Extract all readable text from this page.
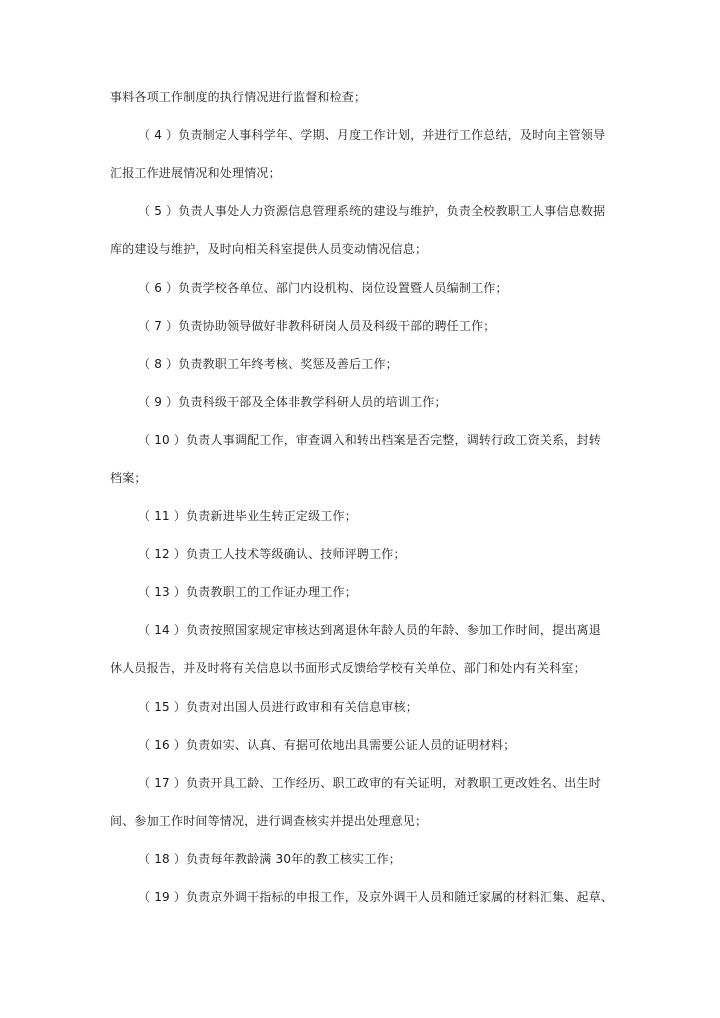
事料各项工作制度的执行情况进行监督和检查；
（ 4 ）负责制定人事科学年、学期、月度工作计划，并进行工作总结，及时向主管领导
汇报工作进展情况和处理情况；
（ 5 ）负责人事处人力资源信息管理系统的建设与维护，负责全校教职工人事信息数据
库的建设与维护，及时向相关科室提供人员变动情况信息；
（ 6 ）负责学校各单位、部门内设机构、岗位设置暨人员编制工作；
（ 7 ）负责协助领导做好非教科研岗人员及科级干部的聘任工作；
（ 8 ）负责教职工年终考核、奖惩及善后工作；
（ 9 ）负责科级干部及全体非教学科研人员的培训工作；
（ 10 ）负责人事调配工作，审查调入和转出档案是否完整，调转行政工资关系，封转
档案；
（ 11 ）负责新进毕业生转正定级工作；
（ 12 ）负责工人技术等级确认、技师评聘工作；
（ 13 ）负责教职工的工作证办理工作；
（ 14 ）负责按照国家规定审核达到离退休年龄人员的年龄、参加工作时间，提出离退
休人员报告，并及时将有关信息以书面形式反馈给学校有关单位、部门和处内有关科室；
（ 15 ）负责对出国人员进行政审和有关信息审核；
（ 16 ）负责如实、认真、有据可依地出具需要公证人员的证明材料；
（ 17 ）负责开具工龄、工作经历、职工政审的有关证明，对教职工更改姓名、出生时
间、参加工作时间等情况，进行调查核实并提出处理意见；
（ 18 ）负责每年教龄满 30年的教工核实工作；
（ 19 ）负责京外调干指标的申报工作，及京外调干人员和随迁家属的材料汇集、起草、
